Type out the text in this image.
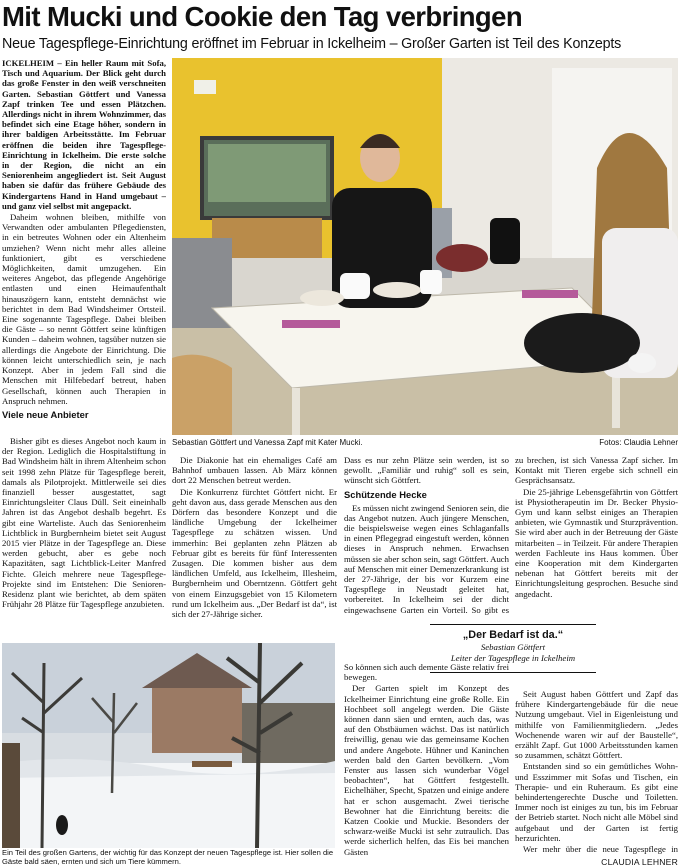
Mit Mucki und Cookie den Tag verbringen
Neue Tagespflege-Einrichtung eröffnet im Februar in Ickelheim – Großer Garten ist Teil des Konzepts

ICKELHEIM – Ein heller Raum mit Sofa, Tisch und Aquarium. Der Blick geht durch das große Fenster in den weiß verschneiten Garten. Sebastian Göttfert und Vanessa Zapf trinken Tee und essen Plätzchen. Allerdings nicht in ihrem Wohnzimmer, das befindet sich eine Etage höher, sondern in ihrer baldigen Arbeitsstätte. Im Februar eröffnen die beiden ihre Tagespflege-Einrichtung in Ickelheim. Die erste solche in der Region, die nicht an ein Seniorenheim angegliedert ist. Seit August haben sie dafür das frühere Gebäude des Kindergartens Hand in Hand umgebaut – und ganz viel selbst mit angepackt.

Daheim wohnen bleiben, mithilfe von Verwandten oder ambulanten Pflegediensten, in ein betreutes Wohnen oder ein Altenheim umziehen? Wenn nicht mehr alles alleine funktioniert, gibt es verschiedene Möglichkeiten, damit umzugehen. Ein weiteres Angebot, das pflegende Angehörige entlasten und einen Heimaufenthalt hinauszögern kann, entsteht demnächst wie berichtet in dem Bad Windsheimer Ortsteil. Eine sogenannte Tagespflege. Dabei bleiben die Gäste – so nennt Göttfert seine künftigen Kunden – daheim wohnen, tagsüber nutzen sie allerdings die Angebote der Einrichtung. Die können leicht unterschiedlich sein, je nach Konzept. Aber in jedem Fall sind die Menschen mit Hilfebedarf betreut, haben Gesellschaft, können auch Therapien in Anspruch nehmen.

Viele neue Anbieter

Bisher gibt es dieses Angebot noch kaum in der Region. Lediglich die Hospitalstiftung in Bad Windsheim hält in ihrem Altenheim schon seit 1998 zehn Plätze für Tagespflege bereit, damals als Pilotprojekt. Mittlerweile sei dies finanziell besser ausgestattet, sagt Einrichtungsleiter Claus Düll. Seit eineinhalb Jahren ist das Angebot deshalb begehrt. Es gibt eine Warteliste. Auch das Seniorenheim Lichtblick in Burgbernheim bietet seit August 2015 vier Plätze in der Tagespflege an. Diese werden gebucht, aber es gebe noch Kapazitäten, sagt Lichtblick-Leiter Manfred Fichte. Gleich mehrere neue Tagespflege-Projekte sind im Entstehen: Die Senioren-Residenz plant wie berichtet, ab dem späten Frühjahr 28 Plätze für Tagespflege anzubieten.

Sebastian Göttfert und Vanessa Zapf mit Kater Mucki.	Fotos: Claudia Lehner

Die Diakonie hat ein ehemaliges Café am Bahnhof umbauen lassen. Ab März können dort 22 Menschen betreut werden.

Die Konkurrenz fürchtet Göttfert nicht. Er geht davon aus, dass gerade Menschen aus den Dörfern das besondere Konzept und die ländliche Umgebung der Ickelheimer Tagespflege zu schätzen wissen. Und immerhin: Bei geplanten zehn Plätzen ab Februar gibt es bereits für fünf Interessenten Zusagen. Die kommen bisher aus dem ländlichen Umfeld, aus Ickelheim, Illesheim, Burgbernheim und Oberntzenn. Göttfert geht von einem Einzugsgebiet von 15 Kilometern rund um Ickelheim aus. „Der Bedarf ist da“, ist sich der 27-Jährige sicher.

Dass es nur zehn Plätze sein werden, ist so gewollt. „Familiär und ruhig“ soll es sein, wünscht sich Göttfert.

Schützende Hecke

Es müssen nicht zwingend Senioren sein, die das Angebot nutzen. Auch jüngere Menschen, die beispielsweise wegen eines Schlaganfalls in einen Pflegegrad eingestuft werden, können dieses in Anspruch nehmen. Erwachsen müssen sie aber schon sein, sagt Göttfert. Auch auf Menschen mit einer Demenzerkrankung ist der 27-Jährige, der bis vor Kurzem eine Tagespflege in Neustadt geleitet hat, vorbereitet. In Ickelheim sei der dicht eingewachsene Garten ein Vorteil. So gibt es

So können sich auch demente Gäste relativ frei bewegen.

Der Garten spielt im Konzept des Ickelheimer Einrichtung eine große Rolle. Ein Hochbeet soll angelegt werden. Die Gäste können dann säen und ernten, auch das, was auf den Obstbäumen wächst. Das ist natürlich freiwillig, genau wie das gemeinsame Kochen und andere Angebote. Hühner und Kaninchen werden bald den Garten bevölkern. „Vom Fenster aus lassen sich wunderbar Vögel beobachten“, hat Göttfert festgestellt. Eichelhäher, Specht, Spatzen und einige andere hat er schon ausgemacht. Zwei tierische Bewohner hat die Einrichtung bereits: die Katzen Cookie und Muckie. Besonders der schwarz-weiße Mucki ist sehr zutraulich. Das werde sicherlich helfen, das Eis bei manchen Gästen

„Der Bedarf ist da.“
Sebastian Göttfert
Leiter der Tagespflege in Ickelheim

zu brechen, ist sich Vanessa Zapf sicher. Im Kontakt mit Tieren ergebe sich schnell ein Gesprächsansatz.

Die 25-jährige Lebensgefährtin von Göttfert ist Physiotherapeutin im Dr. Becker Physio-Gym und kann selbst einiges an Therapien anbieten, wie Gymnastik und Sturzprävention. Sie wird aber auch in der Betreuung der Gäste mitarbeiten – in Teilzeit. Für andere Therapien werden Fachleute ins Haus kommen. Über eine Kooperation mit dem Kindergarten nebenan hat Göttfert bereits mit der Einrichtungsleitung gesprochen. Besuche sind angedacht.

Seit August haben Göttfert und Zapf das frühere Kindergartengebäude für die neue Nutzung umgebaut. Viel in Eigenleistung und mithilfe von Familienmitgliedern. „Jedes Wochenende waren wir auf der Baustelle“, erzählt Zapf. Gut 1000 Arbeitsstunden kamen so zusammen, schätzt Göttfert.

Entstanden sind so ein gemütliches Wohn- und Esszimmer mit Sofas und Tischen, ein Therapie- und ein Ruheraum. Es gibt eine behindertengerechte Dusche und Toiletten. Immer noch ist einiges zu tun, bis im Februar der Betrieb startet. Noch nicht alle Möbel sind aufgebaut und der Garten ist fertig herzurichten.

Wer mehr über die neue Tagespflege in

CLAUDIA LEHNER
Ein Teil des großen Gartens, der wichtig für das Konzept der neuen Tagespflege ist. Hier sollen die Gäste bald säen, ernten und sich um Tiere kümmern.
